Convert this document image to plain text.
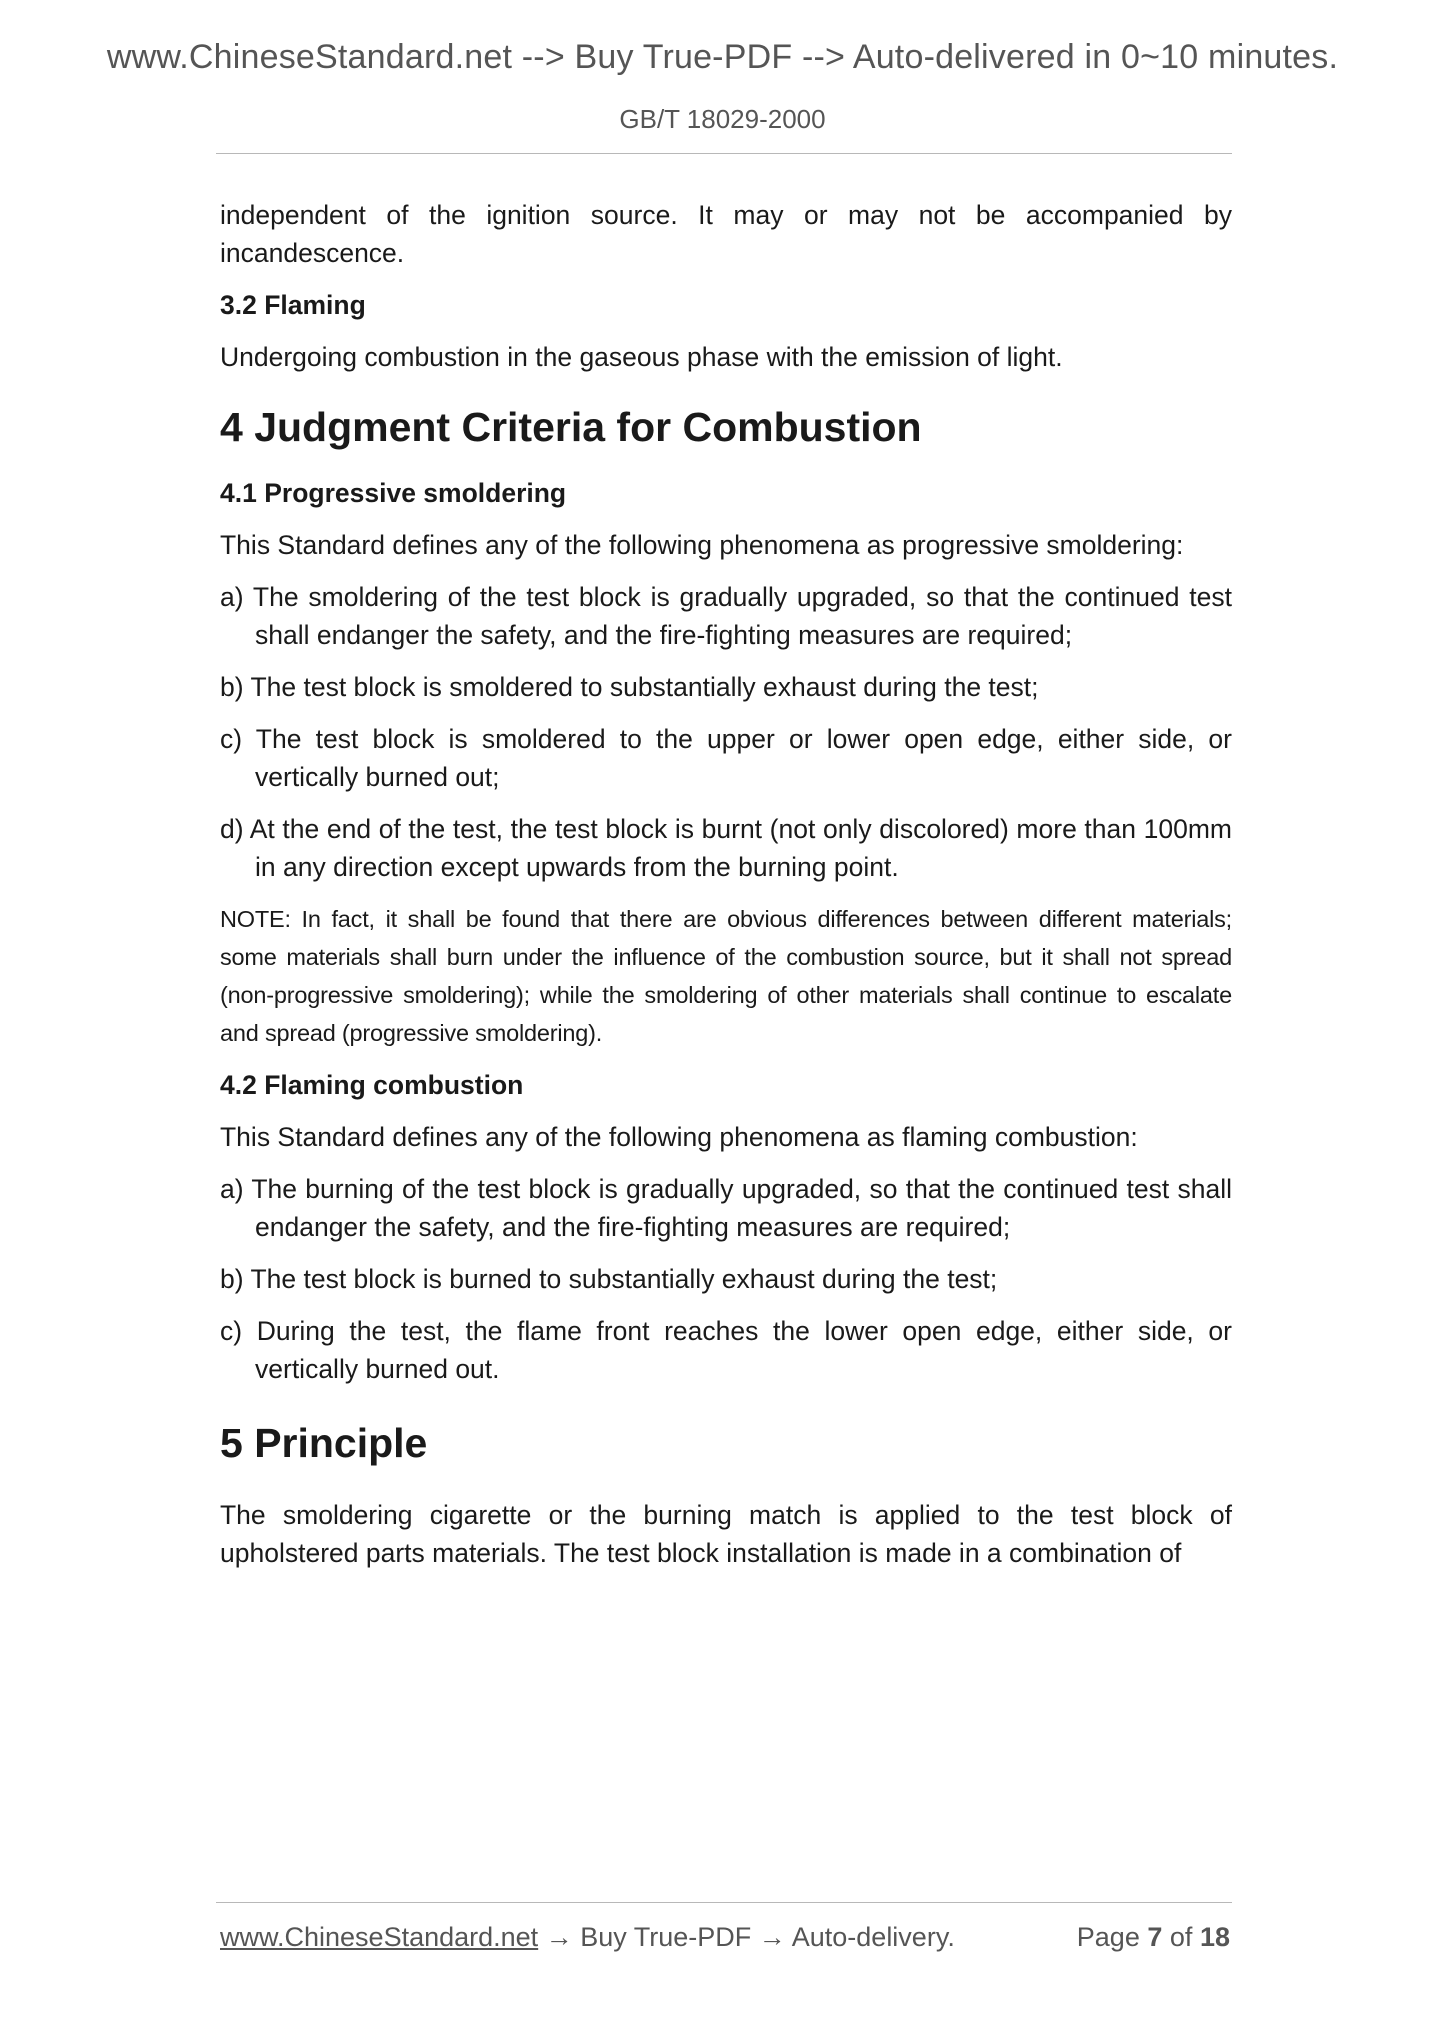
www.ChineseStandard.net --> Buy True-PDF --> Auto-delivered in 0~10 minutes.
GB/T 18029-2000

independent of the ignition source. It may or may not be accompanied by incandescence.

3.2 Flaming

Undergoing combustion in the gaseous phase with the emission of light.

4 Judgment Criteria for Combustion

4.1 Progressive smoldering

This Standard defines any of the following phenomena as progressive smoldering:

a) The smoldering of the test block is gradually upgraded, so that the continued test shall endanger the safety, and the fire-fighting measures are required;

b) The test block is smoldered to substantially exhaust during the test;

c) The test block is smoldered to the upper or lower open edge, either side, or vertically burned out;

d) At the end of the test, the test block is burnt (not only discolored) more than 100mm in any direction except upwards from the burning point.

NOTE: In fact, it shall be found that there are obvious differences between different materials; some materials shall burn under the influence of the combustion source, but it shall not spread (non-progressive smoldering); while the smoldering of other materials shall continue to escalate and spread (progressive smoldering).

4.2 Flaming combustion

This Standard defines any of the following phenomena as flaming combustion:

a) The burning of the test block is gradually upgraded, so that the continued test shall endanger the safety, and the fire-fighting measures are required;

b) The test block is burned to substantially exhaust during the test;

c) During the test, the flame front reaches the lower open edge, either side, or vertically burned out.

5 Principle

The smoldering cigarette or the burning match is applied to the test block of upholstered parts materials. The test block installation is made in a combination of

www.ChineseStandard.net → Buy True-PDF → Auto-delivery.	Page 7 of 18
